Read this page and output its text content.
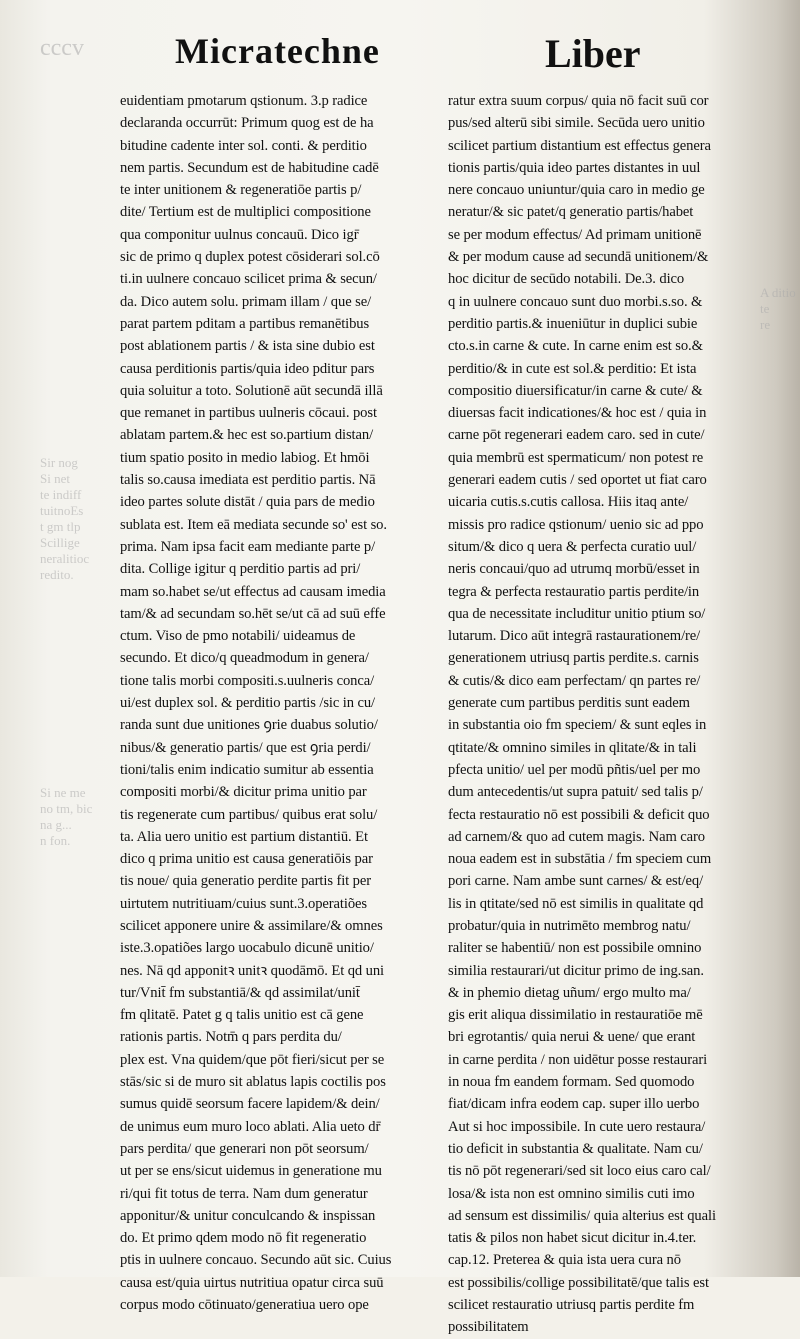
cccv
Sir nog
Si net
te indiff
tuitnoEs
t gm tlp
Scillige
neralitioc
redito.
Si ne me
no tm, bic
na g...
n fon.
A ditio
te
re
Micratechne	Liber
euidentiam pmotarum qstionum. 3.p radice
declaranda occurrūt: Primum quog est de ha
bitudine cadente inter sol. conti. & perditio
nem partis. Secundum est de habitudine cadē
te inter unitionem & regeneratiōe partis p/
dite/ Tertium est de multiplici compositione
qua componitur uulnus concauū. Dico igr̄
sic de primo q duplex potest cōsiderari sol.cō
ti.in uulnere concauo scilicet prima & secun/
da. Dico autem solu. primam illam / que se/
parat partem pditam a partibus remanētibus
post ablationem partis / & ista sine dubio est
causa perditionis partis/quia ideo pditur pars
quia soluitur a toto. Solutionē aūt secundā illā
que remanet in partibus uulneris cōcaui. post
ablatam partem.& hec est so.partium distan/
tium spatio posito in medio labiog. Et hmōi
talis so.causa imediata est perditio partis. Nā
ideo partes solute distāt / quia pars de medio
sublata est. Item eā mediata secunde so' est so.
prima. Nam ipsa facit eam mediante parte p/
dita. Collige igitur q perditio partis ad pri/
mam so.habet se/ut effectus ad causam imedia
tam/& ad secundam so.hēt se/ut cā ad suū effe
ctum. Viso de pmo notabili/ uideamus de
secundo. Et dico/q queadmodum in genera/
tione talis morbi compositi.s.uulneris conca/
ui/est duplex sol. & perditio partis /sic in cu/
randa sunt due unitiones ꝯrie duabus solutio/
nibus/& generatio partis/ que est ꝯria perdi/
tioni/talis enim indicatio sumitur ab essentia
compositi morbi/& dicitur prima unitio par
tis regenerate cum partibus/ quibus erat solu/
ta. Alia uero unitio est partium distantiū. Et
dico q prima unitio est causa generatiōis par
tis noue/ quia generatio perdite partis fit per
uirtutem nutritiuam/cuius sunt.3.operatiões
scilicet apponere unire & assimilare/& omnes
iste.3.opatiões largo uocabulo dicunē unitio/
nes. Nā qd apponitꝛ unitꝛ quodāmō. Et qd uni
tur/Vnit̄ fm substantiā/& qd assimilat/unit̄
fm qlitatē. Patet g q talis unitio est cā gene
rationis partis. Notm̄ q pars perdita du/
plex est. Vna quidem/que pōt fieri/sicut per se
stās/sic si de muro sit ablatus lapis coctilis pos
sumus quidē seorsum facere lapidem/& dein/
de unimus eum muro loco ablati. Alia ueto dr̄
pars perdita/ que generari non pōt seorsum/
ut per se ens/sicut uidemus in generatione mu
ri/qui fit totus de terra. Nam dum generatur
apponitur/& unitur conculcando & inspissan
do. Et primo qdem modo nō fit regeneratio
ptis in uulnere concauo. Secundo aūt sic. Cuius
causa est/quia uirtus nutritiua opatur circa suū
corpus modo cōtinuato/generatiua uero ope
ratur extra suum corpus/ quia nō facit suū cor
pus/sed alterū sibi simile. Secūda uero unitio
scilicet partium distantium est effectus genera
tionis partis/quia ideo partes distantes in uul
nere concauo uniuntur/quia caro in medio ge
neratur/& sic patet/q generatio partis/habet
se per modum effectus/ Ad primam unitionē
& per modum cause ad secundā unitionem/&
hoc dicitur de secūdo notabili. De.3. dico
q in uulnere concauo sunt duo morbi.s.so. &
perditio partis.& inueniūtur in duplici subie
cto.s.in carne & cute. In carne enim est so.&
perditio/& in cute est sol.& perditio: Et ista
compositio diuersificatur/in carne & cute/ &
diuersas facit indicationes/& hoc est / quia in
carne pōt regenerari eadem caro. sed in cute/
quia membrū est spermaticum/ non potest re
generari eadem cutis / sed oportet ut fiat caro
uicaria cutis.s.cutis callosa. Hiis itaq ante/
missis pro radice qstionum/ uenio sic ad ppo
situm/& dico q uera & perfecta curatio uul/
neris concaui/quo ad utrumq morbū/esset in
tegra & perfecta restauratio partis perdite/in
qua de necessitate includitur unitio ptium so/
lutarum. Dico aūt integrā rastaurationem/re/
generationem utriusq partis perdite.s. carnis
& cutis/& dico eam perfectam/ qn partes re/
generate cum partibus perditis sunt eadem
in substantia oio fm speciem/ & sunt eqles in
qtitate/& omnino similes in qlitate/& in tali
pfecta unitio/ uel per modū pñtis/uel per mo
dum antecedentis/ut supra patuit/ sed talis p/
fecta restauratio nō est possibili & deficit quo
ad carnem/& quo ad cutem magis. Nam caro
noua eadem est in substātia / fm speciem cum
pori carne. Nam ambe sunt carnes/ & est/eq/
lis in qtitate/sed nō est similis in qualitate qd
probatur/quia in nutrimēto membrog natu/
raliter se habentiū/ non est possibile omnino
similia restaurari/ut dicitur primo de ing.san.
& in phemio dietag uñum/ ergo multo ma/
gis erit aliqua dissimilatio in restauratiōe mē
bri egrotantis/ quia nerui & uene/ que erant
in carne perdita / non uidētur posse restaurari
in noua fm eandem formam. Sed quomodo
fiat/dicam infra eodem cap. super illo uerbo
Aut si hoc impossibile. In cute uero restaura/
tio deficit in substantia & qualitate. Nam cu/
tis nō pōt regenerari/sed sit loco eius caro cal/
losa/& ista non est omnino similis cuti imo
ad sensum est dissimilis/ quia alterius est quali
tatis & pilos non habet sicut dicitur in.4.ter.
cap.12. Preterea & quia ista uera cura nō
est possibilis/collige possibilitatē/que talis est
scilicet restauratio utriusq partis perdite fm
possibilitatem
